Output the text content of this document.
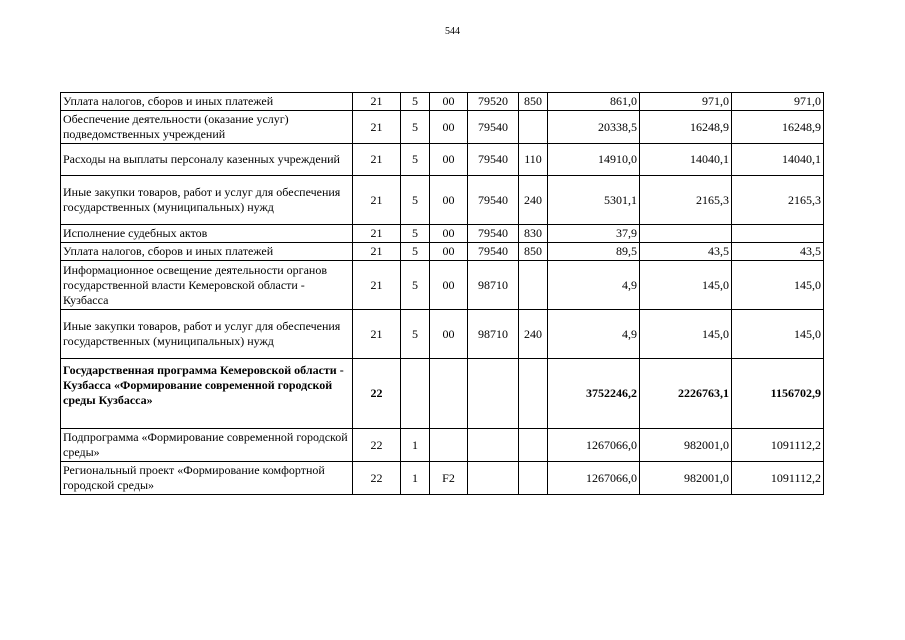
544
Уплата налогов, сборов и иных платежей	21	5	00	79520	850	861,0	971,0	971,0
Обеспечение деятельности (оказание услуг) подведомственных учреждений	21	5	00	79540		20338,5	16248,9	16248,9
Расходы на выплаты персоналу казенных учреждений	21	5	00	79540	110	14910,0	14040,1	14040,1
Иные закупки товаров, работ и услуг для обеспечения государственных (муниципальных) нужд	21	5	00	79540	240	5301,1	2165,3	2165,3
Исполнение судебных актов	21	5	00	79540	830	37,9		
Уплата налогов, сборов и иных платежей	21	5	00	79540	850	89,5	43,5	43,5
Информационное освещение деятельности органов государственной власти Кемеровской области - Кузбасса	21	5	00	98710		4,9	145,0	145,0
Иные закупки товаров, работ и услуг для обеспечения государственных (муниципальных) нужд	21	5	00	98710	240	4,9	145,0	145,0
Государственная программа Кемеровской области - Кузбасса «Формирование современной городской среды Кузбасса»	22					3752246,2	2226763,1	1156702,9
Подпрограмма «Формирование современной городской среды»	22	1				1267066,0	982001,0	1091112,2
Региональный проект «Формирование комфортной городской среды»	22	1	F2			1267066,0	982001,0	1091112,2
